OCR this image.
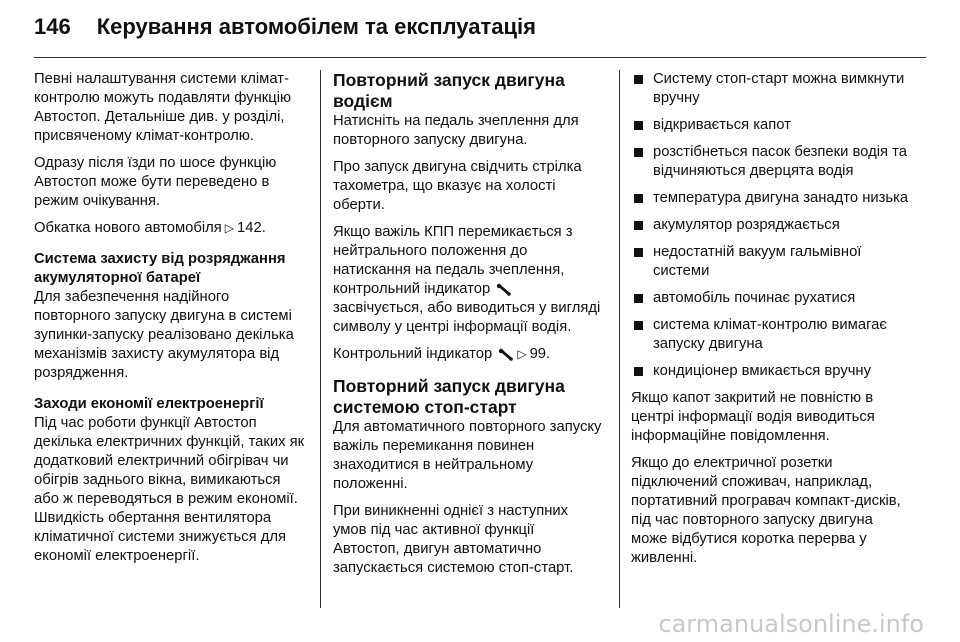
146 Керування автомобілем та експлуатація

Певні налаштування системи клімат-контролю можуть подавляти функцію Автостоп. Детальніше див. у розділі, присвяченому клімат-контролю.

Одразу після їзди по шосе функцію Автостоп може бути переведено в режим очікування.

Обкатка нового автомобіля ▷ 142.

Система захисту від розряджання акумуляторної батареї

Для забезпечення надійного повторного запуску двигуна в системі зупинки-запуску реалізовано декілька механізмів захисту акумулятора від розрядження.

Заходи економії електроенергії

Під час роботи функції Автостоп декілька електричних функцій, таких як додатковий електричний обігрівач чи обігрів заднього вікна, вимикаються або ж переводяться в режим економії. Швидкість обертання вентилятора кліматичної системи знижується для економії електроенергії.

Повторний запуск двигуна водієм

Натисніть на педаль зчеплення для повторного запуску двигуна.

Про запуск двигуна свідчить стрілка тахометра, що вказує на холості оберти.

Якщо важіль КПП перемикається з нейтрального положення до натискання на педаль зчеплення, контрольний індикатор  засвічується, або виводиться у вигляді символу у центрі інформації водія.

Контрольний індикатор ▷ 99.

Повторний запуск двигуна системою стоп-старт

Для автоматичного повторного запуску важіль перемикання повинен знаходитися в нейтральному положенні.

При виникненні однієї з наступних умов під час активної функції Автостоп, двигун автоматично запускається системою стоп-старт.

Систему стоп-старт можна вимкнути вручну
відкривається капот
розстібнеться пасок безпеки водія та відчиняються дверцята водія
температура двигуна занадто низька
акумулятор розряджається
недостатній вакуум гальмівної системи
автомобіль починає рухатися
система клімат-контролю вимагає запуску двигуна
кондиціонер вмикається вручну

Якщо капот закритий не повністю в центрі інформації водія виводиться інформаційне повідомлення.

Якщо до електричної розетки підключений споживач, наприклад, портативний програвач компакт-дисків, під час повторного запуску двигуна може відбутися коротка перерва у живленні.

carmanualsonline.info
